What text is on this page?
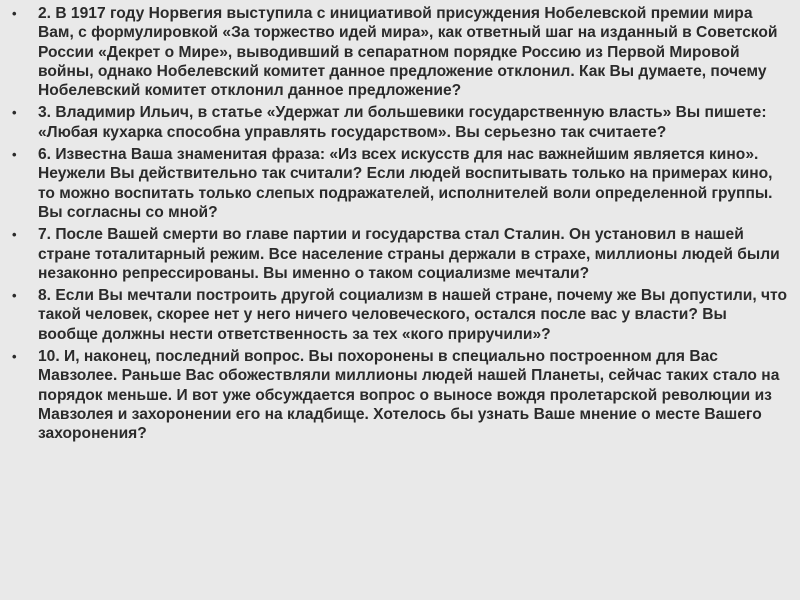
• 2. В 1917 году Норвегия выступила с инициативой присуждения Нобелевской премии мира Вам, с формулировкой «За торжество идей мира», как ответный шаг на изданный в Советской России «Декрет о Мире», выводивший в сепаратном порядке Россию из Первой Мировой войны, однако Нобелевский комитет данное предложение отклонил. Как Вы думаете, почему Нобелевский комитет отклонил данное предложение?
• 3. Владимир Ильич, в статье «Удержат ли большевики государственную власть» Вы пишете: «Любая кухарка способна управлять государством». Вы серьезно так считаете?
• 6. Известна Ваша знаменитая фраза: «Из всех искусств для нас важнейшим является кино». Неужели Вы действительно так считали? Если людей воспитывать только на примерах кино, то можно воспитать только слепых подражателей, исполнителей воли определенной группы. Вы согласны со мной?
• 7. После Вашей смерти во главе партии и государства стал Сталин. Он установил в нашей стране тоталитарный режим. Все население страны держали в страхе, миллионы людей были незаконно репрессированы. Вы именно о таком социализме мечтали?
• 8. Если Вы мечтали построить другой социализм в нашей стране, почему же Вы допустили, что такой человек, скорее нет у него ничего человеческого, остался после вас у власти? Вы вообще должны нести ответственность за тех «кого приручили»?
• 10. И, наконец, последний вопрос. Вы похоронены в специально построенном для Вас Мавзолее. Раньше Вас обожествляли миллионы людей нашей Планеты, сейчас таких стало на порядок меньше. И вот уже обсуждается вопрос о выносе вождя пролетарской революции из Мавзолея и захоронении его на кладбище. Хотелось бы узнать Ваше мнение о месте Вашего захоронения?
